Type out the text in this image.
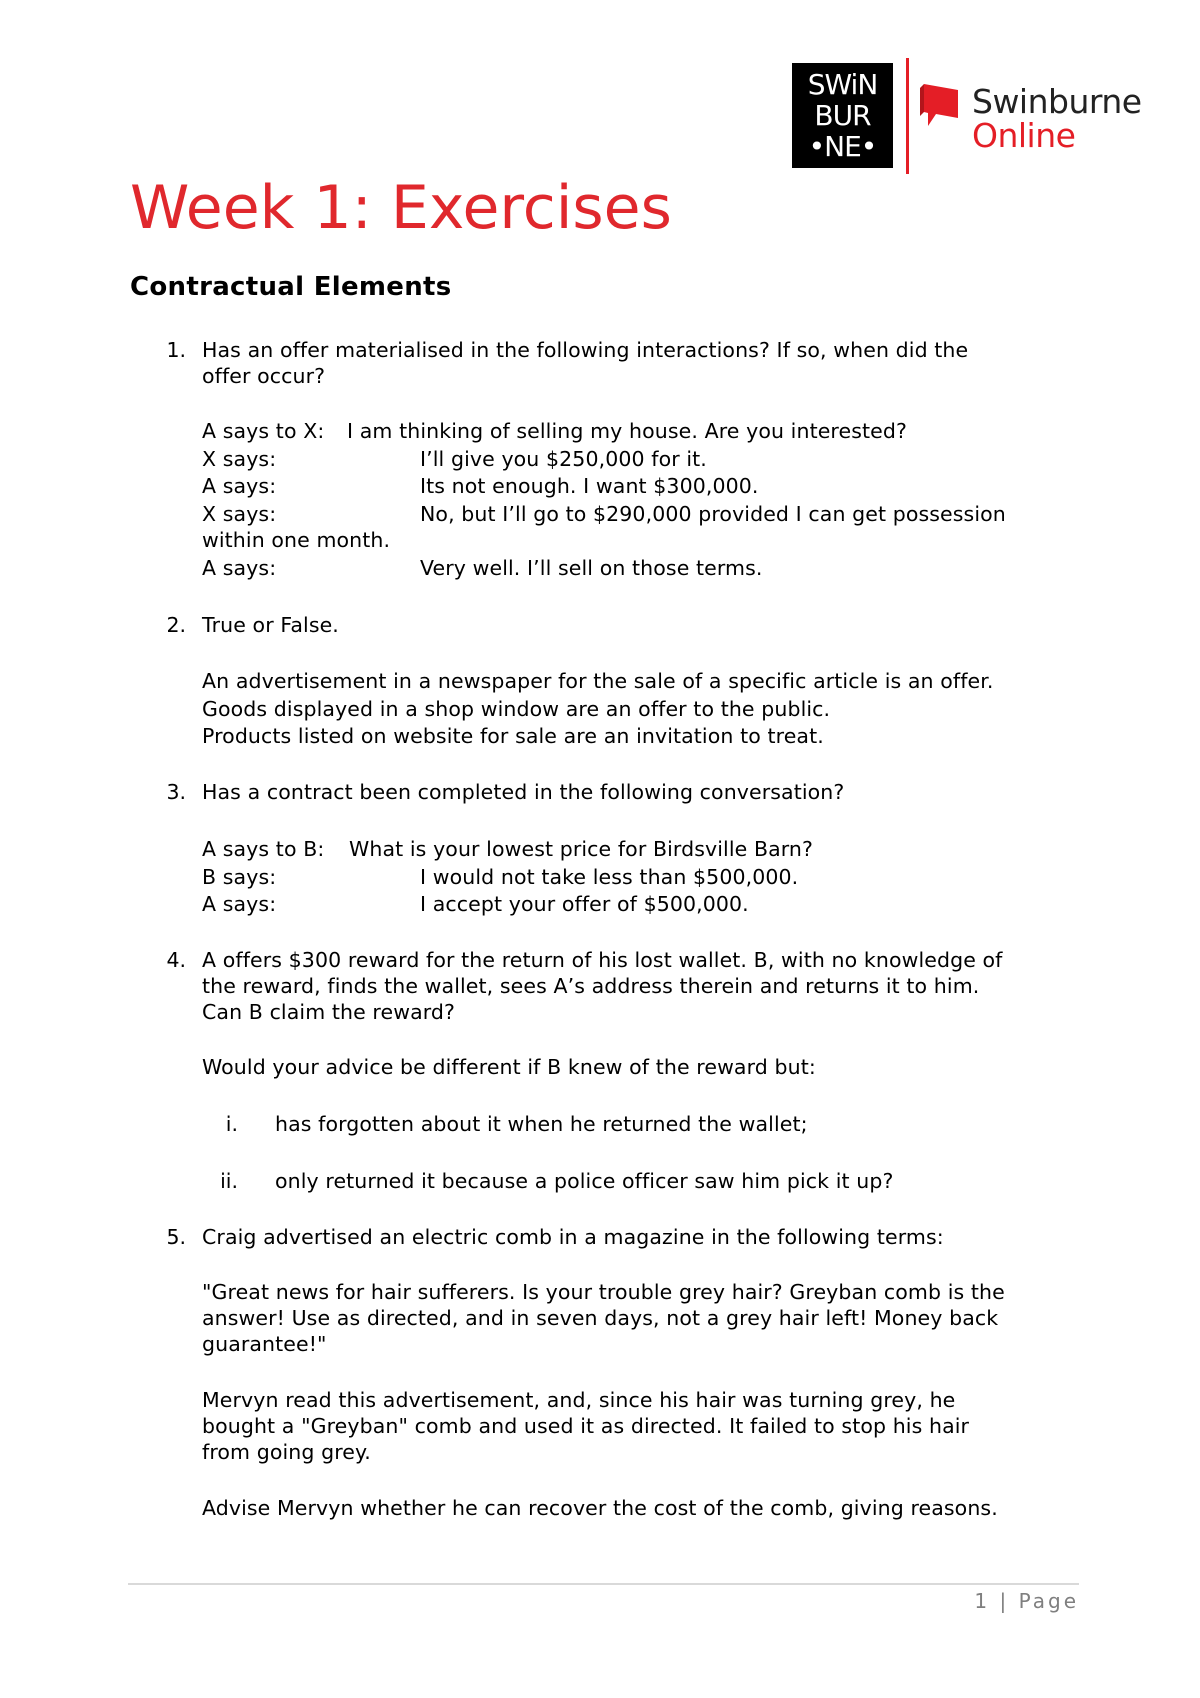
SWiN
BUR
•NE•
Swinburne
Online
Week 1: Exercises
Contractual Elements
1. Has an offer materialised in the following interactions? If so, when did the
offer occur?
A says to X: I am thinking of selling my house. Are you interested?
X says:	I’ll give you $250,000 for it.
A says:	Its not enough. I want $300,000.
X says:	No, but I’ll go to $290,000 provided I can get possession
within one month.
A says:	Very well. I’ll sell on those terms.
2. True or False.
An advertisement in a newspaper for the sale of a specific article is an offer.
Goods displayed in a shop window are an offer to the public.
Products listed on website for sale are an invitation to treat.
3. Has a contract been completed in the following conversation?
A says to B: What is your lowest price for Birdsville Barn?
B says:	I would not take less than $500,000.
A says:	I accept your offer of $500,000.
4. A offers $300 reward for the return of his lost wallet. B, with no knowledge of
the reward, finds the wallet, sees A’s address therein and returns it to him.
Can B claim the reward?
Would your advice be different if B knew of the reward but:
i. has forgotten about it when he returned the wallet;
ii. only returned it because a police officer saw him pick it up?
5. Craig advertised an electric comb in a magazine in the following terms:
"Great news for hair sufferers. Is your trouble grey hair? Greyban comb is the
answer! Use as directed, and in seven days, not a grey hair left! Money back
guarantee!"
Mervyn read this advertisement, and, since his hair was turning grey, he
bought a "Greyban" comb and used it as directed. It failed to stop his hair
from going grey.
Advise Mervyn whether he can recover the cost of the comb, giving reasons.
1 | Page
